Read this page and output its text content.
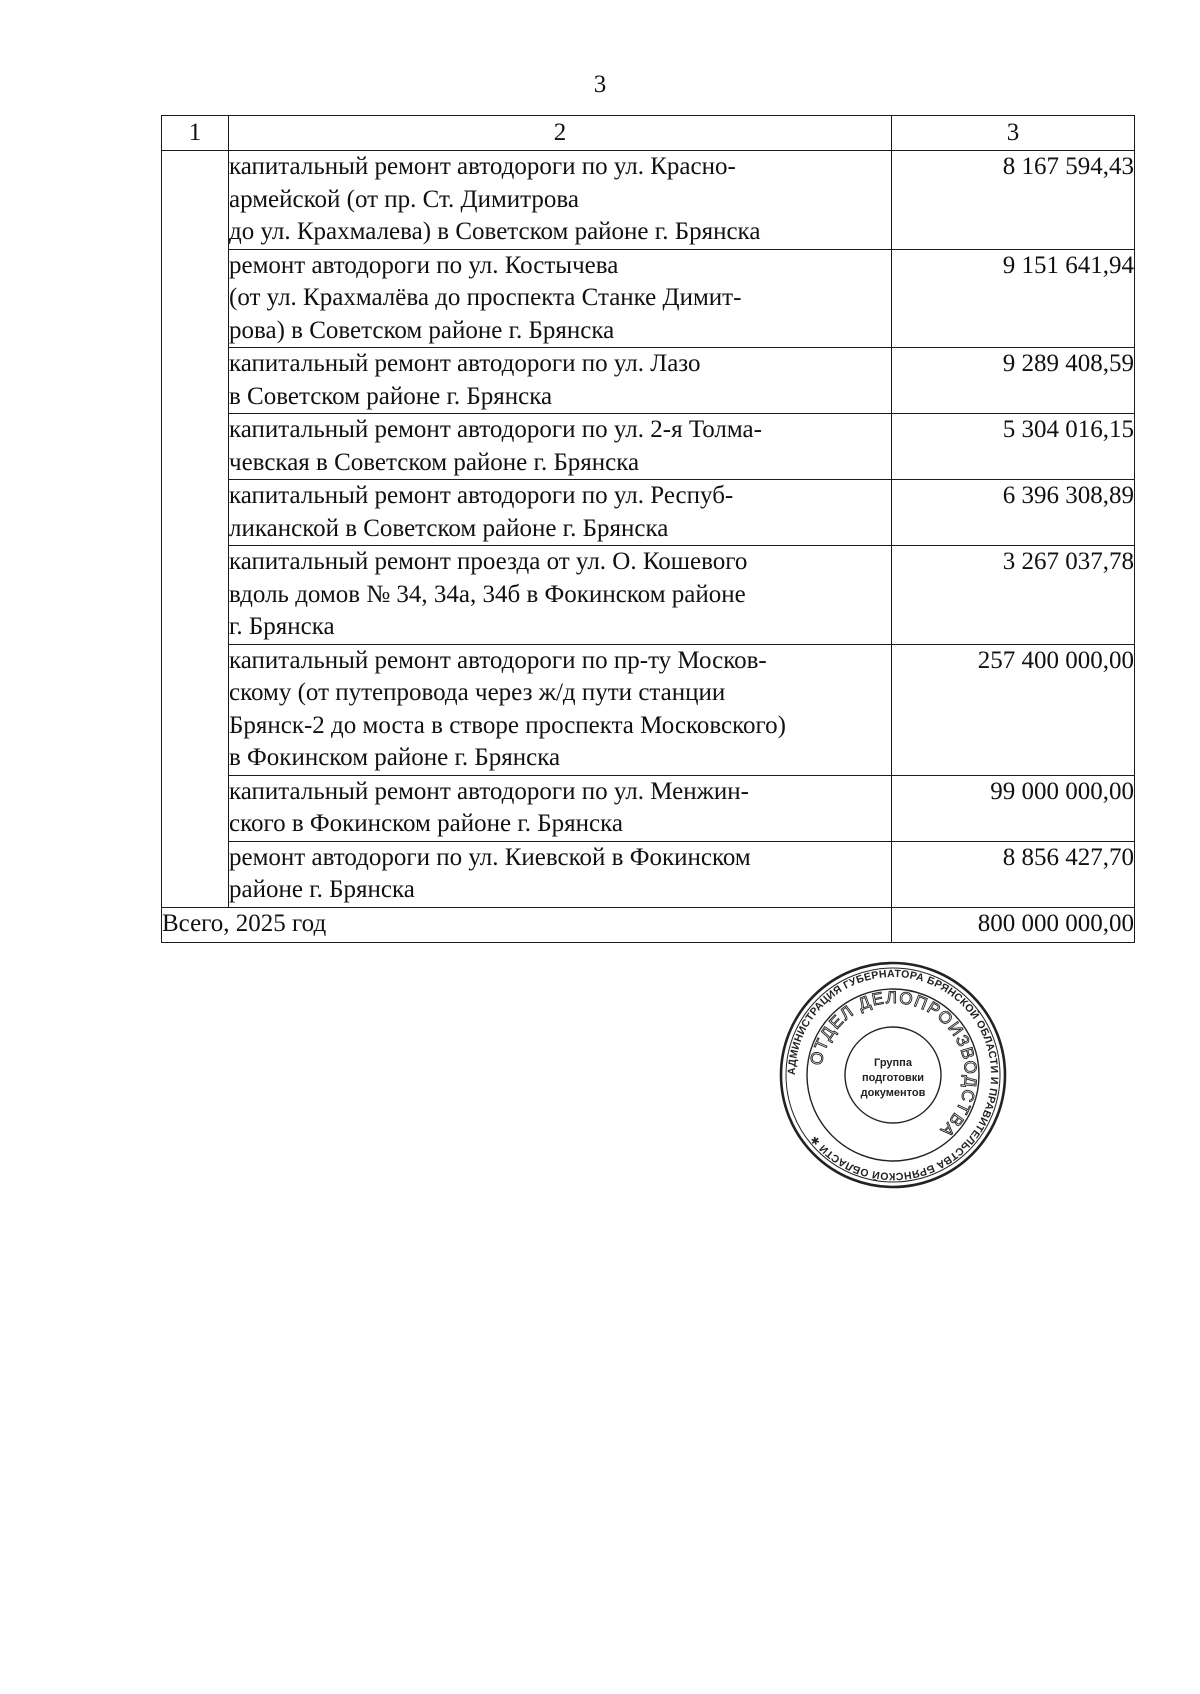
3
1	2	3
	капитальный ремонт автодороги по ул. Красно-
армейской (от пр. Ст. Димитрова
до ул. Крахмалева) в Советском районе г. Брянска	8 167 594,43
	ремонт автодороги по ул. Костычева
(от ул. Крахмалёва до проспекта Станке Димит-
рова) в Советском районе г. Брянска	9 151 641,94
	капитальный ремонт автодороги по ул. Лазо
в Советском районе г. Брянска	9 289 408,59
	капитальный ремонт автодороги по ул. 2-я Толма-
чевская в Советском районе г. Брянска	5 304 016,15
	капитальный ремонт автодороги по ул. Респуб-
ликанской в Советском районе г. Брянска	6 396 308,89
	капитальный ремонт проезда от ул. О. Кошевого
вдоль домов № 34, 34а, 34б в Фокинском районе
г. Брянска	3 267 037,78
	капитальный ремонт автодороги по пр-ту Москов-
скому (от путепровода через ж/д пути станции
Брянск-2 до моста в створе проспекта Московского)
в Фокинском районе г. Брянска	257 400 000,00
	капитальный ремонт автодороги по ул. Менжин-
ского в Фокинском районе г. Брянска	99 000 000,00
	ремонт автодороги по ул. Киевской в Фокинском
районе г. Брянска	8 856 427,70
Всего, 2025 год		800 000 000,00
АДМИНИСТРАЦИЯ ГУБЕРНАТОРА БРЯНСКОЙ ОБЛАСТИ И ПРАВИТЕЛЬСТВА БРЯНСКОЙ ОБЛАСТИ ✱
ОТДЕЛ ДЕЛОПРОИЗВОДСТВА
Группа
подготовки
документов
